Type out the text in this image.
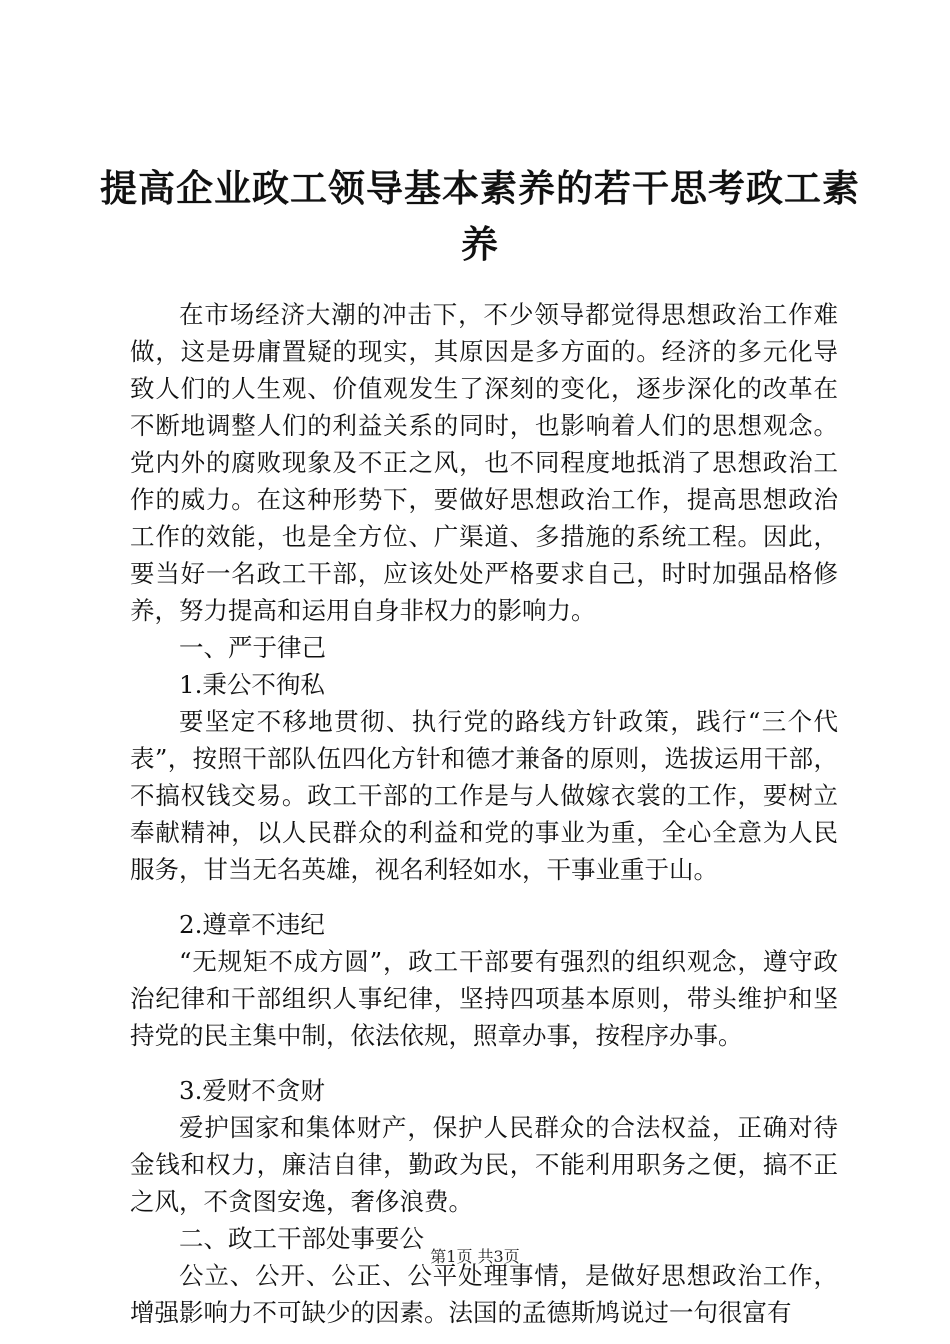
提高企业政工领导基本素养的若干思考政工素养

在市场经济大潮的冲击下，不少领导都觉得思想政治工作难做，这是毋庸置疑的现实，其原因是多方面的。经济的多元化导致人们的人生观、价值观发生了深刻的变化，逐步深化的改革在不断地调整人们的利益关系的同时，也影响着人们的思想观念。党内外的腐败现象及不正之风，也不同程度地抵消了思想政治工作的威力。在这种形势下，要做好思想政治工作，提高思想政治工作的效能，也是全方位、广渠道、多措施的系统工程。因此，要当好一名政工干部，应该处处严格要求自己，时时加强品格修养，努力提高和运用自身非权力的影响力。

一、严于律己

1.秉公不徇私

要坚定不移地贯彻、执行党的路线方针政策，践行“三个代表”，按照干部队伍四化方针和德才兼备的原则，选拔运用干部，不搞权钱交易。政工干部的工作是与人做嫁衣裳的工作，要树立奉献精神，以人民群众的利益和党的事业为重，全心全意为人民服务，甘当无名英雄，视名利轻如水，干事业重于山。

2.遵章不违纪

“无规矩不成方圆”，政工干部要有强烈的组织观念，遵守政治纪律和干部组织人事纪律，坚持四项基本原则，带头维护和坚持党的民主集中制，依法依规，照章办事，按程序办事。

3.爱财不贪财

爱护国家和集体财产，保护人民群众的合法权益，正确对待金钱和权力，廉洁自律，勤政为民，不能利用职务之便，搞不正之风，不贪图安逸，奢侈浪费。

二、政工干部处事要公

公立、公开、公正、公平处理事情，是做好思想政治工作，增强影响力不可缺少的因素。法国的孟德斯鸠说过一句很富有

第1页 共3页
